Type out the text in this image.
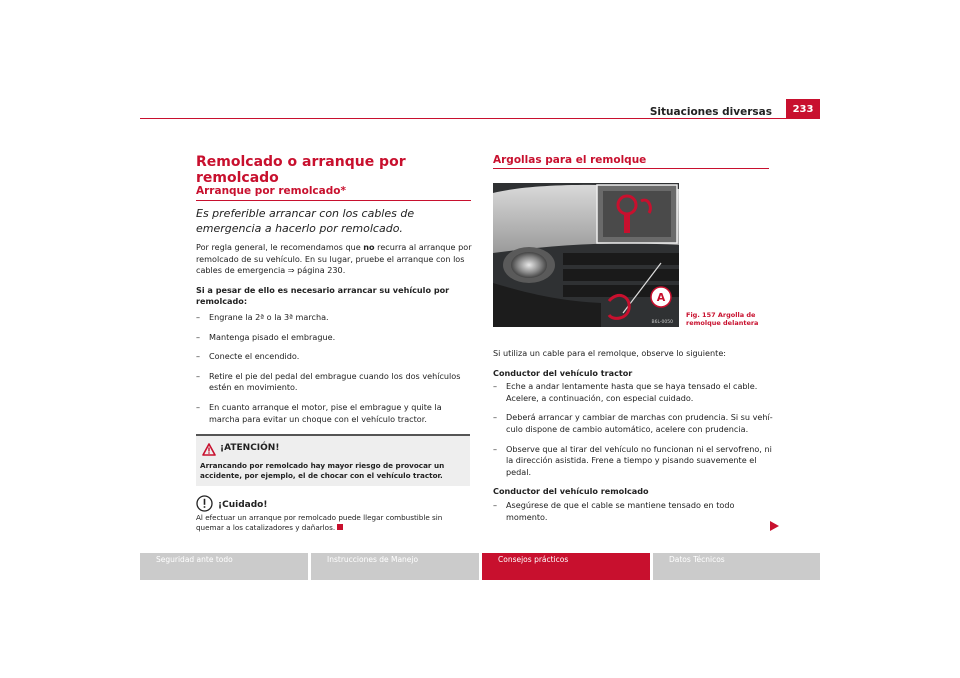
Situaciones diversas	233
Remolcado o arranque por remolcado
Arranque por remolcado*
Es preferible arrancar con los cables de emergencia a hacerlo por remolcado.

Por regla general, le recomendamos que no recurra al arranque por remolcado de su vehículo. En su lugar, pruebe el arranque con los cables de emergencia ⇒ página 230.

Si a pesar de ello es necesario arrancar su vehículo por remolcado:

– Engrane la 2ª o la 3ª marcha.
– Mantenga pisado el embrague.
– Conecte el encendido.
– Retire el pie del pedal del embrague cuando los dos vehículos estén en movimiento.
– En cuanto arranque el motor, pise el embrague y quite la marcha para evitar un choque con el vehículo tractor.
¡ATENCIÓN!
Arrancando por remolcado hay mayor riesgo de provocar un accidente, por ejemplo, el de chocar con el vehículo tractor.
¡Cuidado!
Al efectuar un arranque por remolcado puede llegar combustible sin quemar a los catalizadores y dañarlos.
Argollas para el remolque
A
B6L-0050
Fig. 157 Argolla de remolque delantera

Si utiliza un cable para el remolque, observe lo siguiente:

Conductor del vehículo tractor

– Eche a andar lentamente hasta que se haya tensado el cable. Acelere, a continuación, con especial cuidado.
– Deberá arrancar y cambiar de marchas con prudencia. Si su vehí-culo dispone de cambio automático, acelere con prudencia.
– Observe que al tirar del vehículo no funcionan ni el servofreno, ni la dirección asistida. Frene a tiempo y pisando suavemente el pedal.

Conductor del vehículo remolcado

– Asegúrese de que el cable se mantiene tensado en todo momento.
Seguridad ante todo	Instrucciones de Manejo	Consejos prácticos	Datos Técnicos
